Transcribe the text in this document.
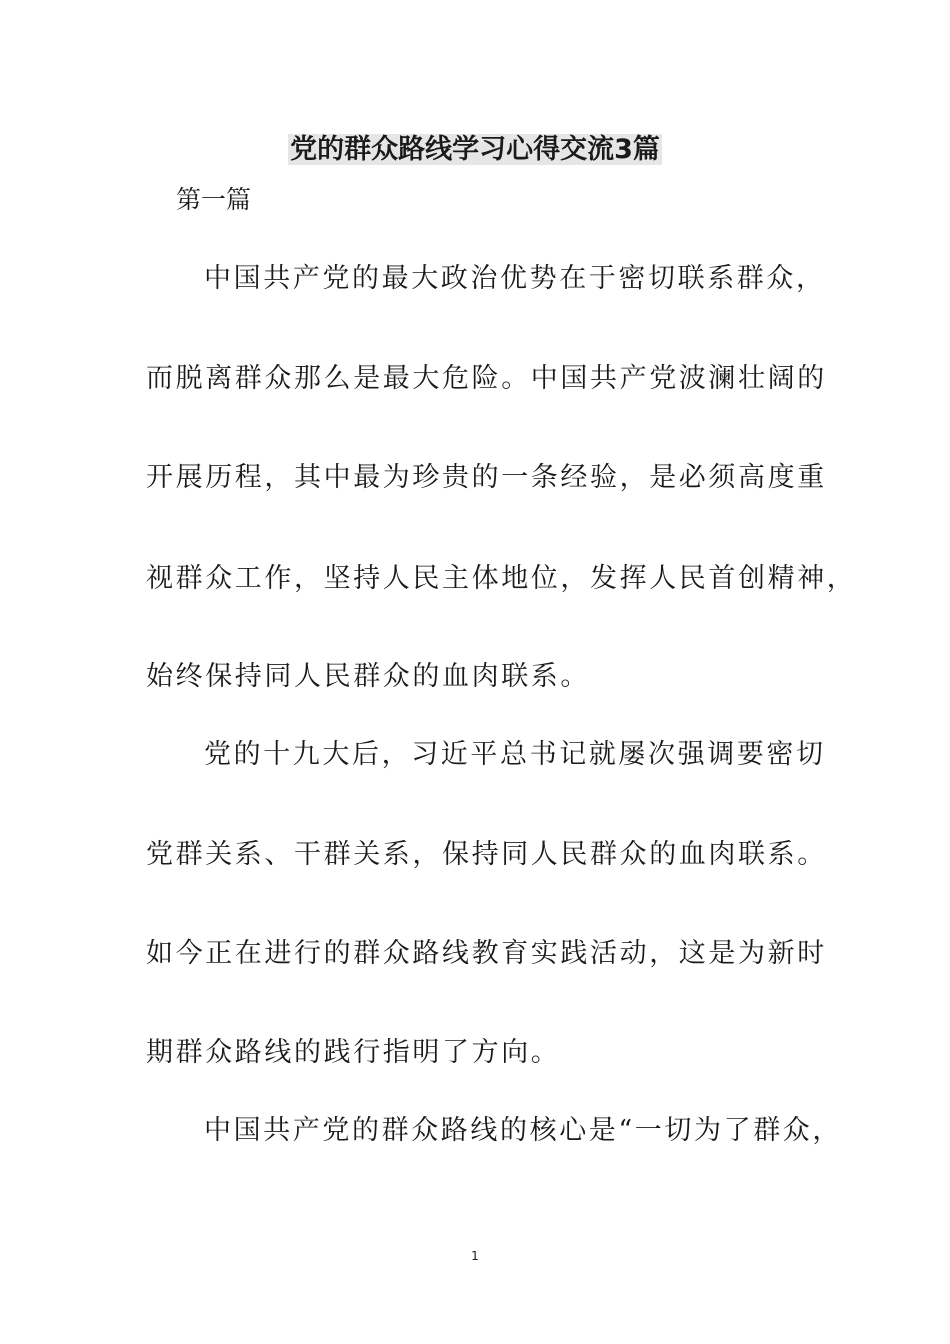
党的群众路线学习心得交流3篇

第一篇

中国共产党的最大政治优势在于密切联系群众，

而脱离群众那么是最大危险。中国共产党波澜壮阔的

开展历程，其中最为珍贵的一条经验，是必须高度重

视群众工作，坚持人民主体地位，发挥人民首创精神，

始终保持同人民群众的血肉联系。

党的十九大后，习近平总书记就屡次强调要密切

党群关系、干群关系，保持同人民群众的血肉联系。

如今正在进行的群众路线教育实践活动，这是为新时

期群众路线的践行指明了方向。

中国共产党的群众路线的核心是“一切为了群众，

1
